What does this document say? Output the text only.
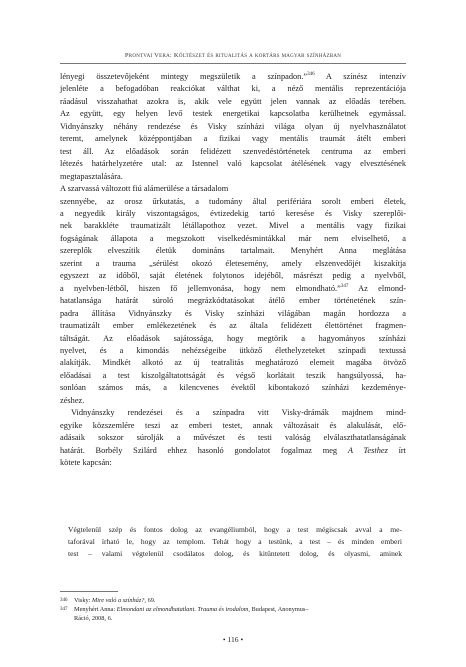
Prontvai Vera: Költészet és ritualitás a kortárs magyar színházban

lényegi összetevőjeként mintegy megszületik a színpadon.”$^{346}$ A színész intenzív
jelenléte a befogadóban reakciókat válthat ki, a néző mentális reprezentációja
ráadásul visszahathat azokra is, akik vele együtt jelen vannak az előadás terében.
Az együtt, egy helyen levő testek energetikai kapcsolatba kerülhetnek egymással.
Vidnyánszky néhány rendezése és Visky színházi világa olyan új nyelvhasználatot
teremt, amelynek középpontjában a fizikai vagy mentális traumát átélt emberi
test áll. Az előadások során felidézett szenvedéstörténetek centruma az emberi
létezés határhelyzetére utal: az Istennel való kapcsolat átélésének vagy elvesztésének megtapasztalására.
A szarvassá változott fiú alámerülése a társadalom
szennyébe, az orosz űrkutatás, a tudomány által perifériára sorolt emberi életek,
a negyedik király viszontagságos, évtizedekig tartó keresése és Visky szereplői-
nek barakkléte traumatizált létállapothoz vezet. Mivel a mentális vagy fizikai
fogságának állapota a megszokott viselkedésmintákkal már nem elviselhető, a
szereplők elveszítik életük domináns tartalmait. Menyhért Anna meglátása
szerint a trauma „sérülést okozó életesemény, amely elszenvedőjét kiszakítja
egyszezt az időből, saját életének folytonos idejéből, másrészt pedig a nyelvből,
a nyelvben-létből, hiszen fő jellemvonása, hogy nem elmondható.”$^{347}$ Az elmond-
hatatlansága határát súroló megrázkódtatásokat átélő ember történetének szín-
padra állítása Vidnyánszky és Visky színházi világában magán hordozza a
traumatizált ember emlékezetének és az általa felidézett élettörténet fragmen-
táltságát. Az előadások sajátossága, hogy megtörik a hagyományos színházi
nyelvet, és a kimondás nehézségeibe ütköző élethelyzeteket színpadi textussá
alakítják. Mindkét alkotó az új teatralitás meghatározó elemeit magába ötvöző
előadásai a test kiszolgáltatottságát és végső korlátait teszik hangsúlyossá, ha-
sonlóan számos más, a kilencvenes évektől kibontakozó színházi kezdeménye-
zéshez.

Vidnyánszky rendezései és a színpadra vitt Visky-drámák majdnem mind-
egyike közszemlére teszi az emberi testet, annak változásait és alakulását, elő-
adásaik sokszor súrolják a művészet és testi valóság elválaszthatatlanságának
határát. Borbély Szilárd ehhez hasonló gondolatot fogalmaz meg A Testhez írt
kötete kapcsán:

Végtelenül szép és fontos dolog az evangéliumból, hogy a test mégiscsak avval a me-
taforával írható le, hogy az templom. Tehát hogy a testünk, a test – és minden emberi
test – valami végtelenül csodálatos dolog, és kitüntetett dolog, és olyasmi, aminek
346 Visky: Mire való a színház?, 69.
347 Menyhért Anna: Elmondani az elmondhatatlant. Trauma és irodalom, Budapest, Anonymus–
Ráció, 2008, 6.
• 116 •
